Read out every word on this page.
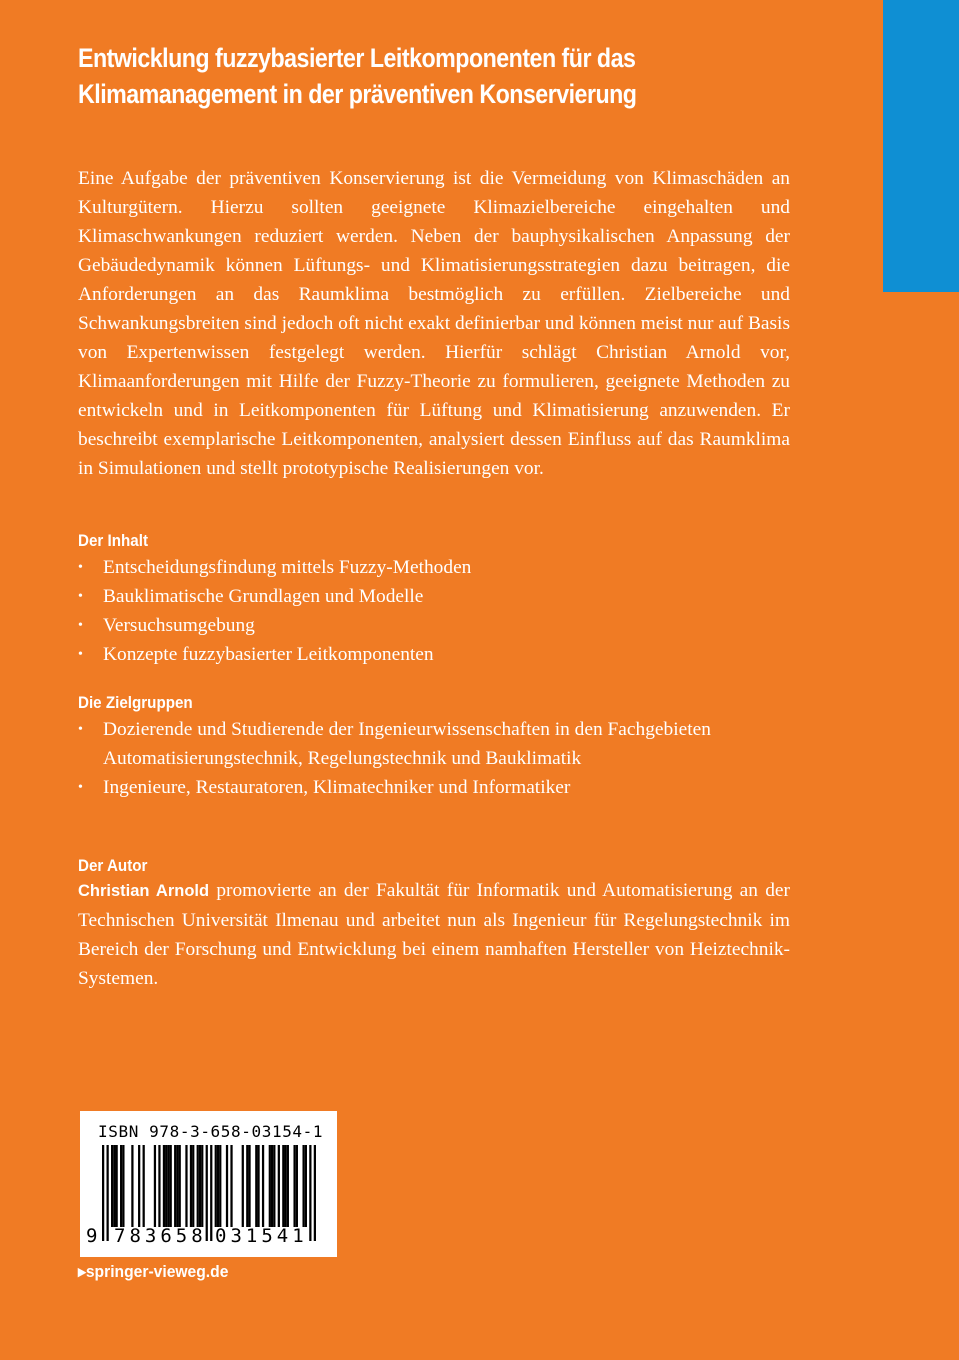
Entwicklung fuzzybasierter Leitkomponenten für das
Klimamanagement in der präventiven Konservierung
Eine Aufgabe der präventiven Konservierung ist die Vermeidung von Klimaschäden an Kulturgütern. Hierzu sollten geeignete Klimazielbereiche eingehalten und Klimaschwankungen reduziert werden. Neben der bauphysikalischen Anpassung der Gebäudedynamik können Lüftungs- und Klimatisierungsstrategien dazu beitragen, die Anforderungen an das Raumklima bestmöglich zu erfüllen. Zielbereiche und Schwankungsbreiten sind jedoch oft nicht exakt definierbar und können meist nur auf Basis von Expertenwissen festgelegt werden. Hierfür schlägt Christian Arnold vor, Klimaanforderungen mit Hilfe der Fuzzy-Theorie zu formulieren, geeignete Methoden zu entwickeln und in Leitkomponenten für Lüftung und Klimatisierung anzuwenden. Er beschreibt exemplarische Leitkomponenten, analysiert dessen Einfluss auf das Raumklima in Simulationen und stellt prototypische Realisierungen vor.
Der Inhalt
• Entscheidungsfindung mittels Fuzzy-Methoden
• Bauklimatische Grundlagen und Modelle
• Versuchsumgebung
• Konzepte fuzzybasierter Leitkomponenten
Die Zielgruppen
• Dozierende und Studierende der Ingenieurwissenschaften in den Fachgebieten Automatisierungstechnik, Regelungstechnik und Bauklimatik
• Ingenieure, Restauratoren, Klimatechniker und Informatiker
Der Autor
Christian Arnold promovierte an der Fakultät für Informatik und Automatisierung an der Technischen Universität Ilmenau und arbeitet nun als Ingenieur für Regelungstechnik im Bereich der Forschung und Entwicklung bei einem namhaften Hersteller von Heiztechnik-Systemen.
ISBN 978-3-658-03154-1
9 783658 031541
▸springer-vieweg.de
